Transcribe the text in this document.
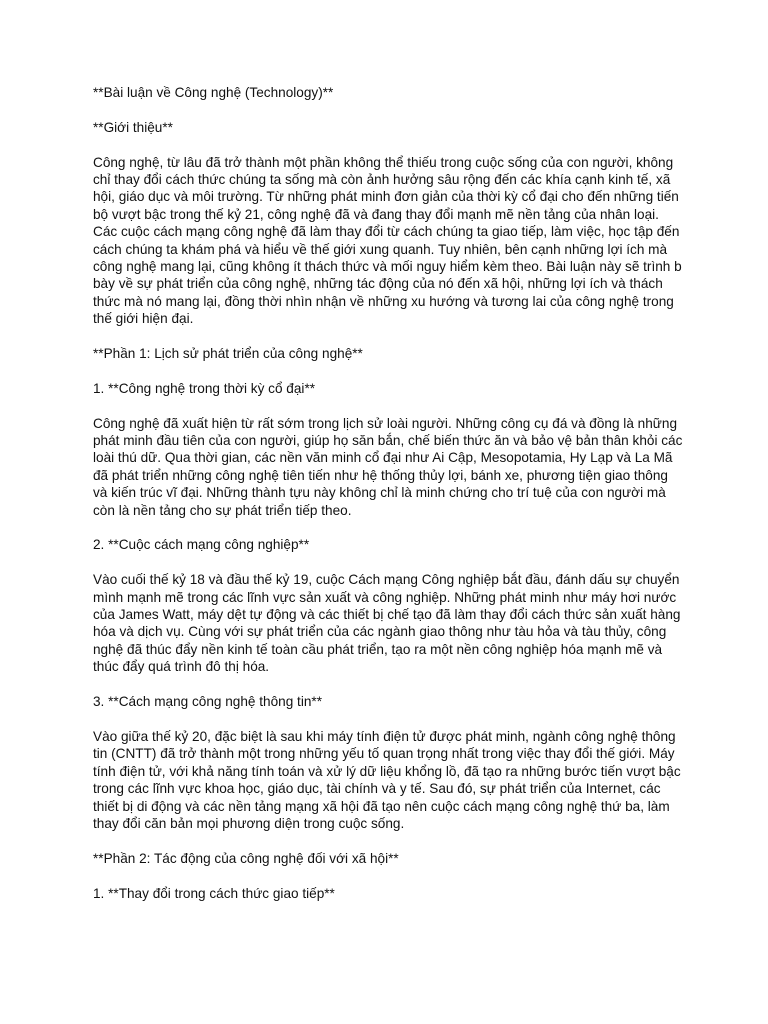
**Bài luận về Công nghệ (Technology)**

**Giới thiệu**

Công nghệ, từ lâu đã trở thành một phần không thể thiếu trong cuộc sống của con người, không chỉ thay đổi cách thức chúng ta sống mà còn ảnh hưởng sâu rộng đến các khía cạnh kinh tế, xã hội, giáo dục và môi trường. Từ những phát minh đơn giản của thời kỳ cổ đại cho đến những tiến bộ vượt bậc trong thế kỷ 21, công nghệ đã và đang thay đổi mạnh mẽ nền tảng của nhân loại. Các cuộc cách mạng công nghệ đã làm thay đổi từ cách chúng ta giao tiếp, làm việc, học tập đến cách chúng ta khám phá và hiểu về thế giới xung quanh. Tuy nhiên, bên cạnh những lợi ích mà công nghệ mang lại, cũng không ít thách thức và mối nguy hiểm kèm theo. Bài luận này sẽ trình b bày về sự phát triển của công nghệ, những tác động của nó đến xã hội, những lợi ích và thách thức mà nó mang lại, đồng thời nhìn nhận về những xu hướng và tương lai của công nghệ trong thế giới hiện đại.

**Phần 1: Lịch sử phát triển của công nghệ**

1. **Công nghệ trong thời kỳ cổ đại**

Công nghệ đã xuất hiện từ rất sớm trong lịch sử loài người. Những công cụ đá và đồng là những phát minh đầu tiên của con người, giúp họ săn bắn, chế biến thức ăn và bảo vệ bản thân khỏi các loài thú dữ. Qua thời gian, các nền văn minh cổ đại như Ai Cập, Mesopotamia, Hy Lạp và La Mã đã phát triển những công nghệ tiên tiến như hệ thống thủy lợi, bánh xe, phương tiện giao thông và kiến trúc vĩ đại. Những thành tựu này không chỉ là minh chứng cho trí tuệ của con người mà còn là nền tảng cho sự phát triển tiếp theo.

2. **Cuộc cách mạng công nghiệp**

Vào cuối thế kỷ 18 và đầu thế kỷ 19, cuộc Cách mạng Công nghiệp bắt đầu, đánh dấu sự chuyển mình mạnh mẽ trong các lĩnh vực sản xuất và công nghiệp. Những phát minh như máy hơi nước của James Watt, máy dệt tự động và các thiết bị chế tạo đã làm thay đổi cách thức sản xuất hàng hóa và dịch vụ. Cùng với sự phát triển của các ngành giao thông như tàu hỏa và tàu thủy, công nghệ đã thúc đẩy nền kinh tế toàn cầu phát triển, tạo ra một nền công nghiệp hóa mạnh mẽ và thúc đẩy quá trình đô thị hóa.

3. **Cách mạng công nghệ thông tin**

Vào giữa thế kỷ 20, đặc biệt là sau khi máy tính điện tử được phát minh, ngành công nghệ thông tin (CNTT) đã trở thành một trong những yếu tố quan trọng nhất trong việc thay đổi thế giới. Máy tính điện tử, với khả năng tính toán và xử lý dữ liệu khổng lồ, đã tạo ra những bước tiến vượt bậc trong các lĩnh vực khoa học, giáo dục, tài chính và y tế. Sau đó, sự phát triển của Internet, các thiết bị di động và các nền tảng mạng xã hội đã tạo nên cuộc cách mạng công nghệ thứ ba, làm thay đổi căn bản mọi phương diện trong cuộc sống.

**Phần 2: Tác động của công nghệ đối với xã hội**

1. **Thay đổi trong cách thức giao tiếp**
